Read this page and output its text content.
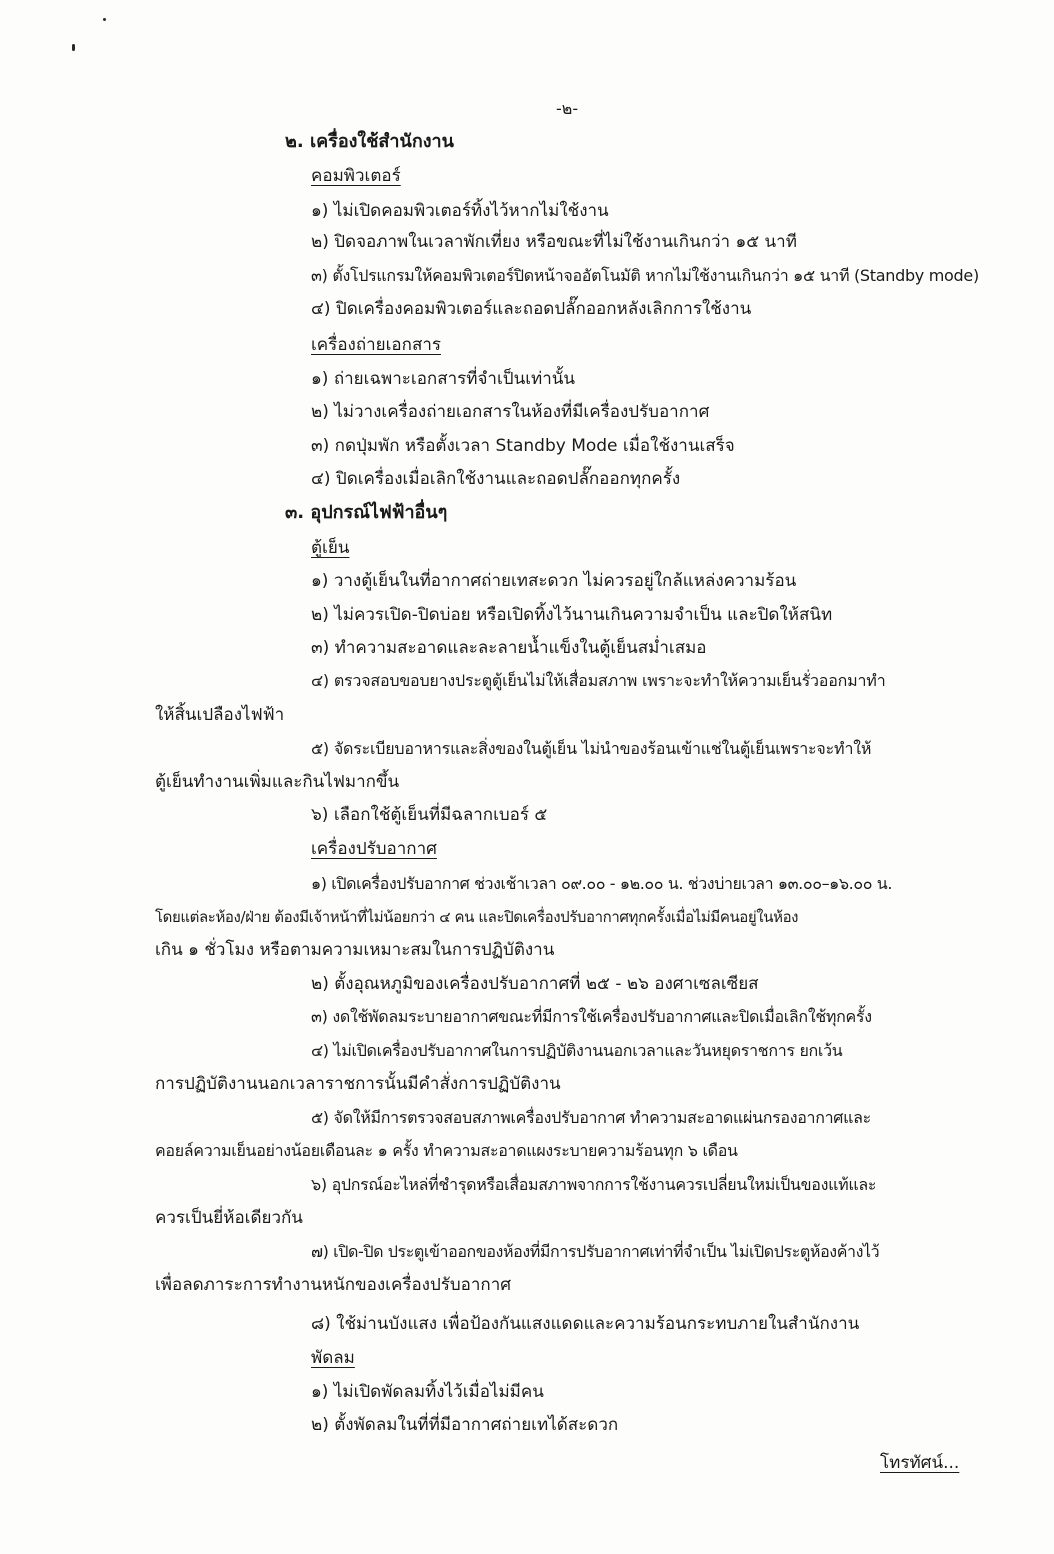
-๒-
๒. เครื่องใช้สำนักงาน
คอมพิวเตอร์
๑) ไม่เปิดคอมพิวเตอร์ทิ้งไว้หากไม่ใช้งาน
๒) ปิดจอภาพในเวลาพักเที่ยง หรือขณะที่ไม่ใช้งานเกินกว่า ๑๕ นาที
๓) ตั้งโปรแกรมให้คอมพิวเตอร์ปิดหน้าจออัตโนมัติ หากไม่ใช้งานเกินกว่า ๑๕ นาที (Standby mode)
๔) ปิดเครื่องคอมพิวเตอร์และถอดปลั๊กออกหลังเลิกการใช้งาน
เครื่องถ่ายเอกสาร
๑) ถ่ายเฉพาะเอกสารที่จำเป็นเท่านั้น
๒) ไม่วางเครื่องถ่ายเอกสารในห้องที่มีเครื่องปรับอากาศ
๓) กดปุ่มพัก หรือตั้งเวลา Standby Mode เมื่อใช้งานเสร็จ
๔) ปิดเครื่องเมื่อเลิกใช้งานและถอดปลั๊กออกทุกครั้ง
๓. อุปกรณ์ไฟฟ้าอื่นๆ
ตู้เย็น
๑) วางตู้เย็นในที่อากาศถ่ายเทสะดวก ไม่ควรอยู่ใกล้แหล่งความร้อน
๒) ไม่ควรเปิด-ปิดบ่อย หรือเปิดทิ้งไว้นานเกินความจำเป็น และปิดให้สนิท
๓) ทำความสะอาดและละลายน้ำแข็งในตู้เย็นสม่ำเสมอ
๔) ตรวจสอบขอบยางประตูตู้เย็นไม่ให้เสื่อมสภาพ เพราะจะทำให้ความเย็นรั่วออกมาทำ
ให้สิ้นเปลืองไฟฟ้า
๕) จัดระเบียบอาหารและสิ่งของในตู้เย็น ไม่นำของร้อนเข้าแช่ในตู้เย็นเพราะจะทำให้
ตู้เย็นทำงานเพิ่มและกินไฟมากขึ้น
๖) เลือกใช้ตู้เย็นที่มีฉลากเบอร์ ๕
เครื่องปรับอากาศ
๑) เปิดเครื่องปรับอากาศ ช่วงเช้าเวลา ๐๙.๐๐ - ๑๒.๐๐ น. ช่วงบ่ายเวลา ๑๓.๐๐–๑๖.๐๐ น.
โดยแต่ละห้อง/ฝ่าย ต้องมีเจ้าหน้าที่ไม่น้อยกว่า ๔ คน และปิดเครื่องปรับอากาศทุกครั้งเมื่อไม่มีคนอยู่ในห้อง
เกิน ๑ ชั่วโมง หรือตามความเหมาะสมในการปฏิบัติงาน
๒) ตั้งอุณหภูมิของเครื่องปรับอากาศที่ ๒๕ - ๒๖ องศาเซลเซียส
๓) งดใช้พัดลมระบายอากาศขณะที่มีการใช้เครื่องปรับอากาศและปิดเมื่อเลิกใช้ทุกครั้ง
๔) ไม่เปิดเครื่องปรับอากาศในการปฏิบัติงานนอกเวลาและวันหยุดราชการ ยกเว้น
การปฏิบัติงานนอกเวลาราชการนั้นมีคำสั่งการปฏิบัติงาน
๕) จัดให้มีการตรวจสอบสภาพเครื่องปรับอากาศ ทำความสะอาดแผ่นกรองอากาศและ
คอยล์ความเย็นอย่างน้อยเดือนละ ๑ ครั้ง ทำความสะอาดแผงระบายความร้อนทุก ๖ เดือน
๖) อุปกรณ์อะไหล่ที่ชำรุดหรือเสื่อมสภาพจากการใช้งานควรเปลี่ยนใหม่เป็นของแท้และ
ควรเป็นยี่ห้อเดียวกัน
๗) เปิด-ปิด ประตูเข้าออกของห้องที่มีการปรับอากาศเท่าที่จำเป็น ไม่เปิดประตูห้องค้างไว้
เพื่อลดภาระการทำงานหนักของเครื่องปรับอากาศ
๘) ใช้ม่านบังแสง เพื่อป้องกันแสงแดดและความร้อนกระทบภายในสำนักงาน
พัดลม
๑) ไม่เปิดพัดลมทิ้งไว้เมื่อไม่มีคน
๒) ตั้งพัดลมในที่ที่มีอากาศถ่ายเทได้สะดวก
โทรทัศน์...
